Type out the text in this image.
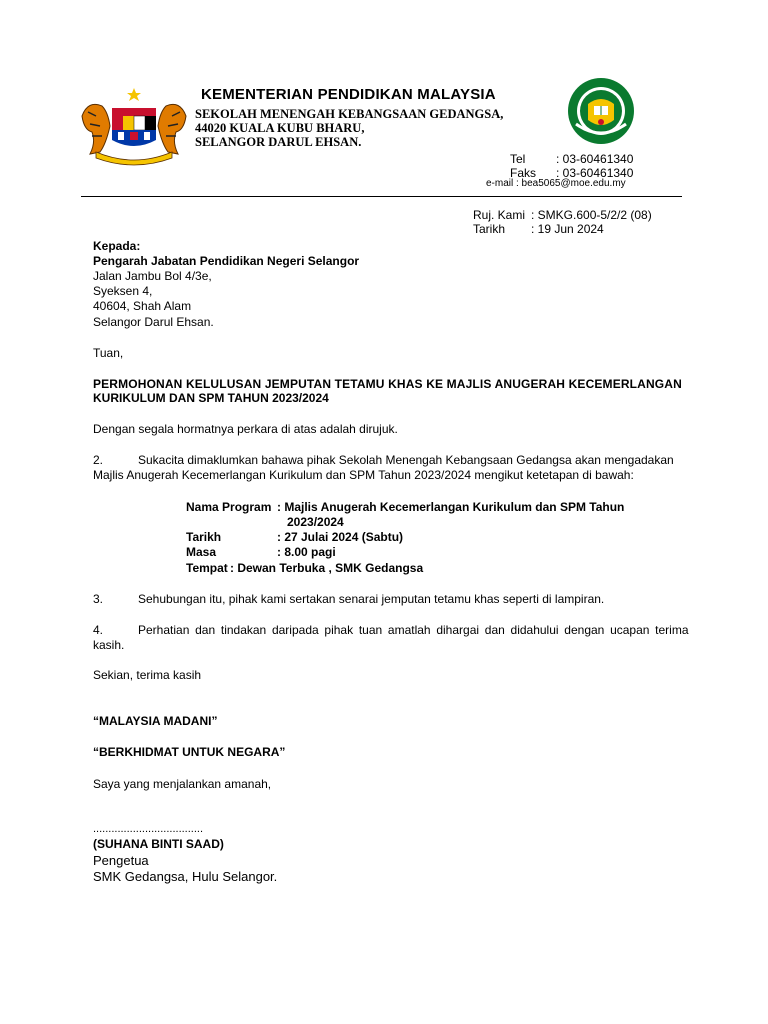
KEMENTERIAN PENDIDIKAN MALAYSIA
SEKOLAH MENENGAH KEBANGSAAN GEDANGSA,
44020 KUALA KUBU BHARU,
SELANGOR DARUL EHSAN.
Tel	: 03-60461340
Faks : 03-60461340
e-mail : bea5065@moe.edu.my
Ruj. Kami : SMKG.600-5/2/2 (08)
Tarikh : 19 Jun 2024
Kepada:
Pengarah Jabatan Pendidikan Negeri Selangor
Jalan Jambu Bol 4/3e,
Syeksen 4,
40604, Shah Alam
Selangor Darul Ehsan.
Tuan,
PERMOHONAN KELULUSAN JEMPUTAN TETAMU KHAS KE MAJLIS ANUGERAH KECEMERLANGAN
KURIKULUM DAN SPM TAHUN 2023/2024
Dengan segala hormatnya perkara di atas adalah dirujuk.
2.	Sukacita dimaklumkan bahawa pihak Sekolah Menengah Kebangsaan Gedangsa akan mengadakan
Majlis Anugerah Kecemerlangan Kurikulum dan SPM Tahun 2023/2024 mengikut ketetapan di bawah:
Nama Program : Majlis Anugerah Kecemerlangan Kurikulum dan SPM Tahun
2023/2024
Tarikh	: 27 Julai 2024 (Sabtu)
Masa	: 8.00 pagi
Tempat : Dewan Terbuka , SMK Gedangsa
3.	Sehubungan itu, pihak kami sertakan senarai jemputan tetamu khas seperti di lampiran.
4.	Perhatian dan tindakan daripada pihak tuan amatlah dihargai dan didahului dengan ucapan terima
kasih.
Sekian, terima kasih
“MALAYSIA MADANI”
“BERKHIDMAT UNTUK NEGARA”
Saya yang menjalankan amanah,
....................................
(SUHANA BINTI SAAD)
Pengetua
SMK Gedangsa, Hulu Selangor.
